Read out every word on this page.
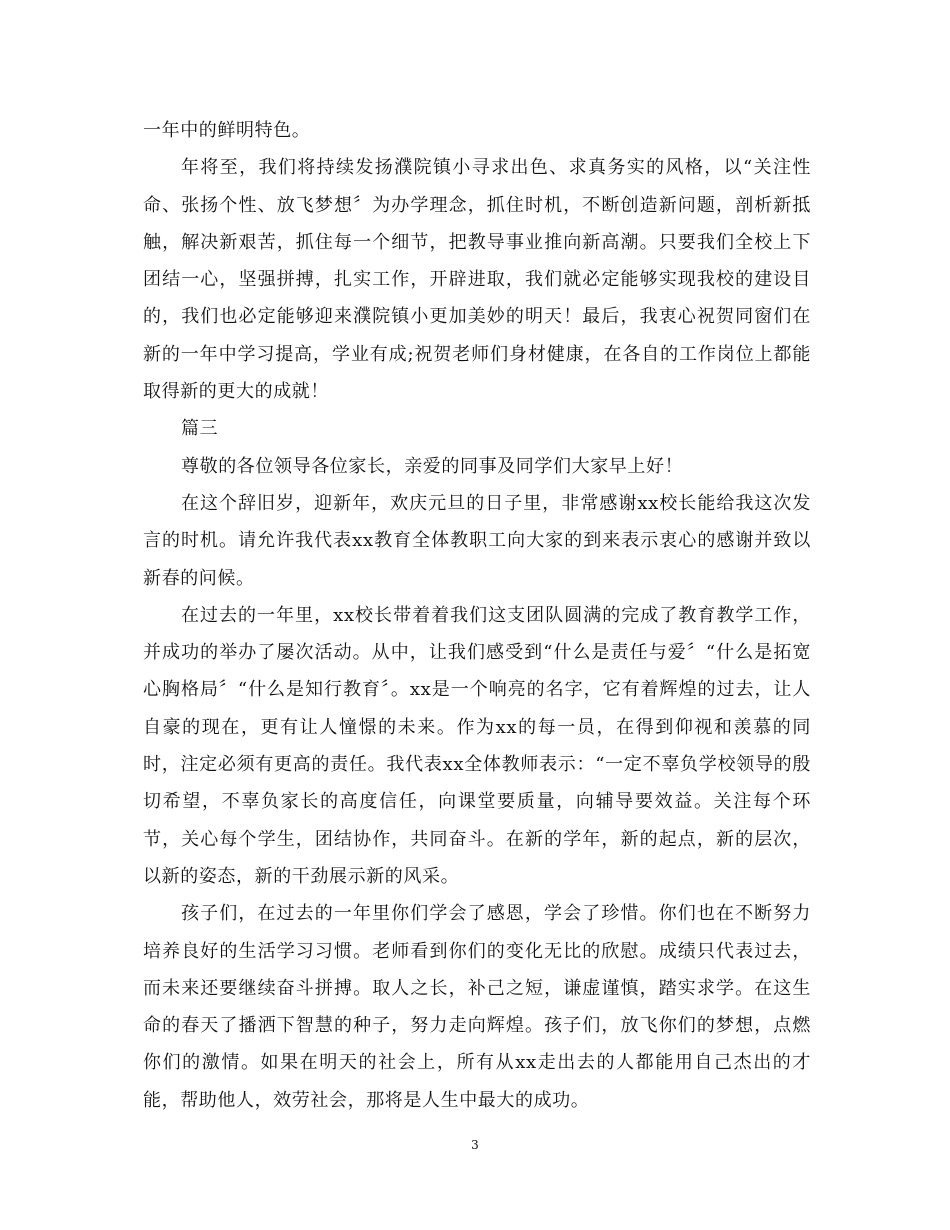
一年中的鲜明特色。

年将至，我们将持续发扬濮院镇小寻求出色、求真务实的风格，以“关注性命、张扬个性、放飞梦想〞为办学理念，抓住时机，不断创造新问题，剖析新抵触，解决新艰苦，抓住每一个细节，把教导事业推向新高潮。只要我们全校上下团结一心，坚强拼搏，扎实工作，开辟进取，我们就必定能够实现我校的建设目的，我们也必定能够迎来濮院镇小更加美妙的明天！最后，我衷心祝贺同窗们在新的一年中学习提高，学业有成;祝贺老师们身材健康，在各自的工作岗位上都能取得新的更大的成就！

篇三

尊敬的各位领导各位家长，亲爱的同事及同学们大家早上好！

在这个辞旧岁，迎新年，欢庆元旦的日子里，非常感谢xx校长能给我这次发言的时机。请允许我代表xx教育全体教职工向大家的到来表示衷心的感谢并致以新春的问候。

在过去的一年里，xx校长带着着我们这支团队圆满的完成了教育教学工作，并成功的举办了屡次活动。从中，让我们感受到“什么是责任与爱〞“什么是拓宽心胸格局〞“什么是知行教育〞。xx是一个响亮的名字，它有着辉煌的过去，让人自豪的现在，更有让人憧憬的未来。作为xx的每一员，在得到仰视和羡慕的同时，注定必须有更高的责任。我代表xx全体教师表示：“一定不辜负学校领导的殷切希望，不辜负家长的高度信任，向课堂要质量，向辅导要效益。关注每个环节，关心每个学生，团结协作，共同奋斗。在新的学年，新的起点，新的层次，以新的姿态，新的干劲展示新的风采。

孩子们，在过去的一年里你们学会了感恩，学会了珍惜。你们也在不断努力培养良好的生活学习习惯。老师看到你们的变化无比的欣慰。成绩只代表过去，而未来还要继续奋斗拼搏。取人之长，补己之短，谦虚谨慎，踏实求学。在这生命的春天了播洒下智慧的种子，努力走向辉煌。孩子们，放飞你们的梦想，点燃你们的激情。如果在明天的社会上，所有从xx走出去的人都能用自己杰出的才能，帮助他人，效劳社会，那将是人生中最大的成功。

3
